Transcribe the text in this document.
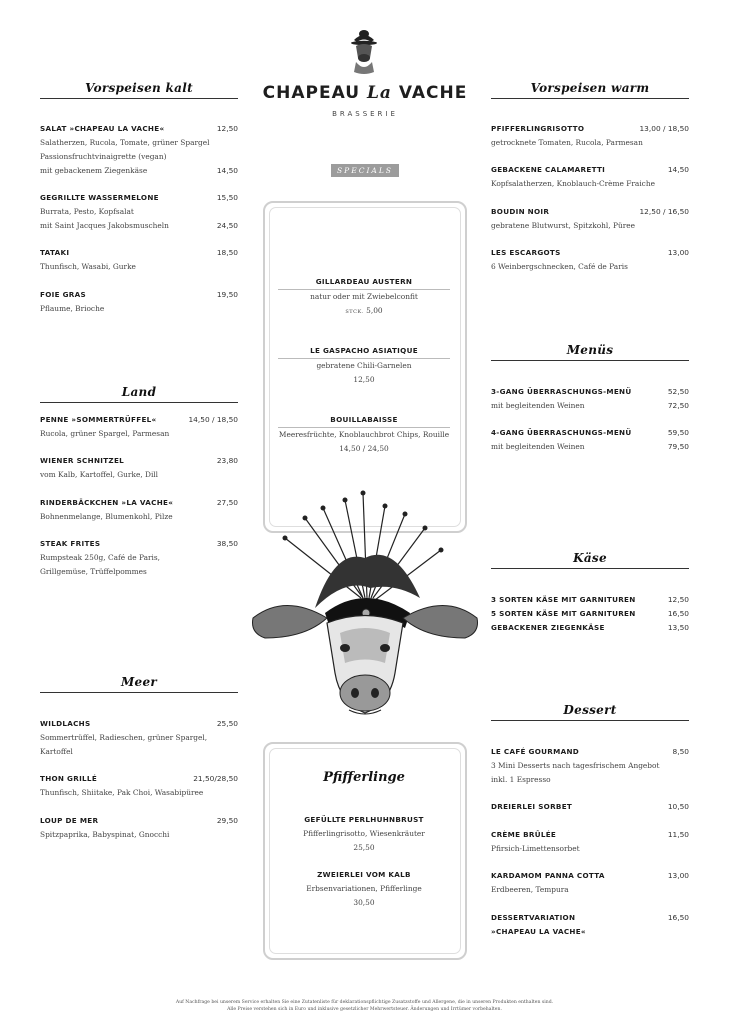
Vorspeisen kalt
SALAT »CHAPEAU LA VACHE«	12,50
Salatherzen, Rucola, Tomate, grüner Spargel
Passionsfruchtvinaigrette (vegan)
mit gebackenem Ziegenkäse	14,50
GEGRILLTE WASSERMELONE	15,50
Burrata, Pesto, Kopfsalat
mit Saint Jacques Jakobsmuscheln	24,50
TATAKI	18,50
Thunfisch, Wasabi, Gurke
FOIE GRAS	19,50
Pflaume, Brioche
Land
PENNE »SOMMERTRÜFFEL«	14,50 / 18,50
Rucola, grüner Spargel, Parmesan
WIENER SCHNITZEL	23,80
vom Kalb, Kartoffel, Gurke, Dill
RINDERBÄCKCHEN »LA VACHE«	27,50
Bohnenmelange, Blumenkohl, Pilze
STEAK FRITES	38,50
Rumpsteak 250g, Café de Paris,
Grillgemüse, Trüffelpommes
Meer
WILDLACHS	25,50
Sommertrüffel, Radieschen, grüner Spargel,
Kartoffel
THON GRILLÉ	21,50/28,50
Thunfisch, Shiitake, Pak Choi, Wasabipüree
LOUP DE MER	29,50
Spitzpaprika, Babyspinat, Gnocchi
CHAPEAU La VACHE
BRASSERIE
SPECIALS
GILLARDEAU AUSTERN
natur oder mit Zwiebelconfit
STCK. 5,00
LE GASPACHO ASIATIQUE
gebratene Chili-Garnelen
12,50
BOUILLABAISSE
Meeresfrüchte, Knoblauchbrot Chips, Rouille
14,50 / 24,50
Pfifferlinge
GEFÜLLTE PERLHUHNBRUST
Pfifferlingrisotto, Wiesenkräuter
25,50
ZWEIERLEI VOM KALB
Erbsenvariationen, Pfifferlinge
30,50
Vorspeisen warm
PFIFFERLINGRISOTTO	13,00 / 18,50
getrocknete Tomaten, Rucola, Parmesan
GEBACKENE CALAMARETTI	14,50
Kopfsalatherzen, Knoblauch-Crème Fraiche
BOUDIN NOIR	12,50 / 16,50
gebratene Blutwurst, Spitzkohl, Püree
LES ESCARGOTS	13,00
6 Weinbergschnecken, Café de Paris
Menüs
3-GANG ÜBERRASCHUNGS-MENÜ	52,50
mit begleitenden Weinen	72,50
4-GANG ÜBERRASCHUNGS-MENÜ	59,50
mit begleitenden Weinen	79,50
Käse
3 SORTEN KÄSE MIT GARNITUREN	12,50
5 SORTEN KÄSE MIT GARNITUREN	16,50
GEBACKENER ZIEGENKÄSE	13,50
Dessert
LE CAFÉ GOURMAND	8,50
3 Mini Desserts nach tagesfrischem Angebot
inkl. 1 Espresso
DREIERLEI SORBET	10,50
CRÈME BRÛLÉE	11,50
Pfirsich-Limettensorbet
KARDAMOM PANNA COTTA	13,00
Erdbeeren, Tempura
DESSERTVARIATION	16,50
»CHAPEAU LA VACHE«
Auf Nachfrage bei unserem Service erhalten Sie eine Zutatenliste für deklarationspflichtige Zusatzstoffe und Allergene, die in unseren Produkten enthalten sind.
Alle Preise verstehen sich in Euro und inklusive gesetzlicher Mehrwertsteuer. Änderungen und Irrtümer vorbehalten.
